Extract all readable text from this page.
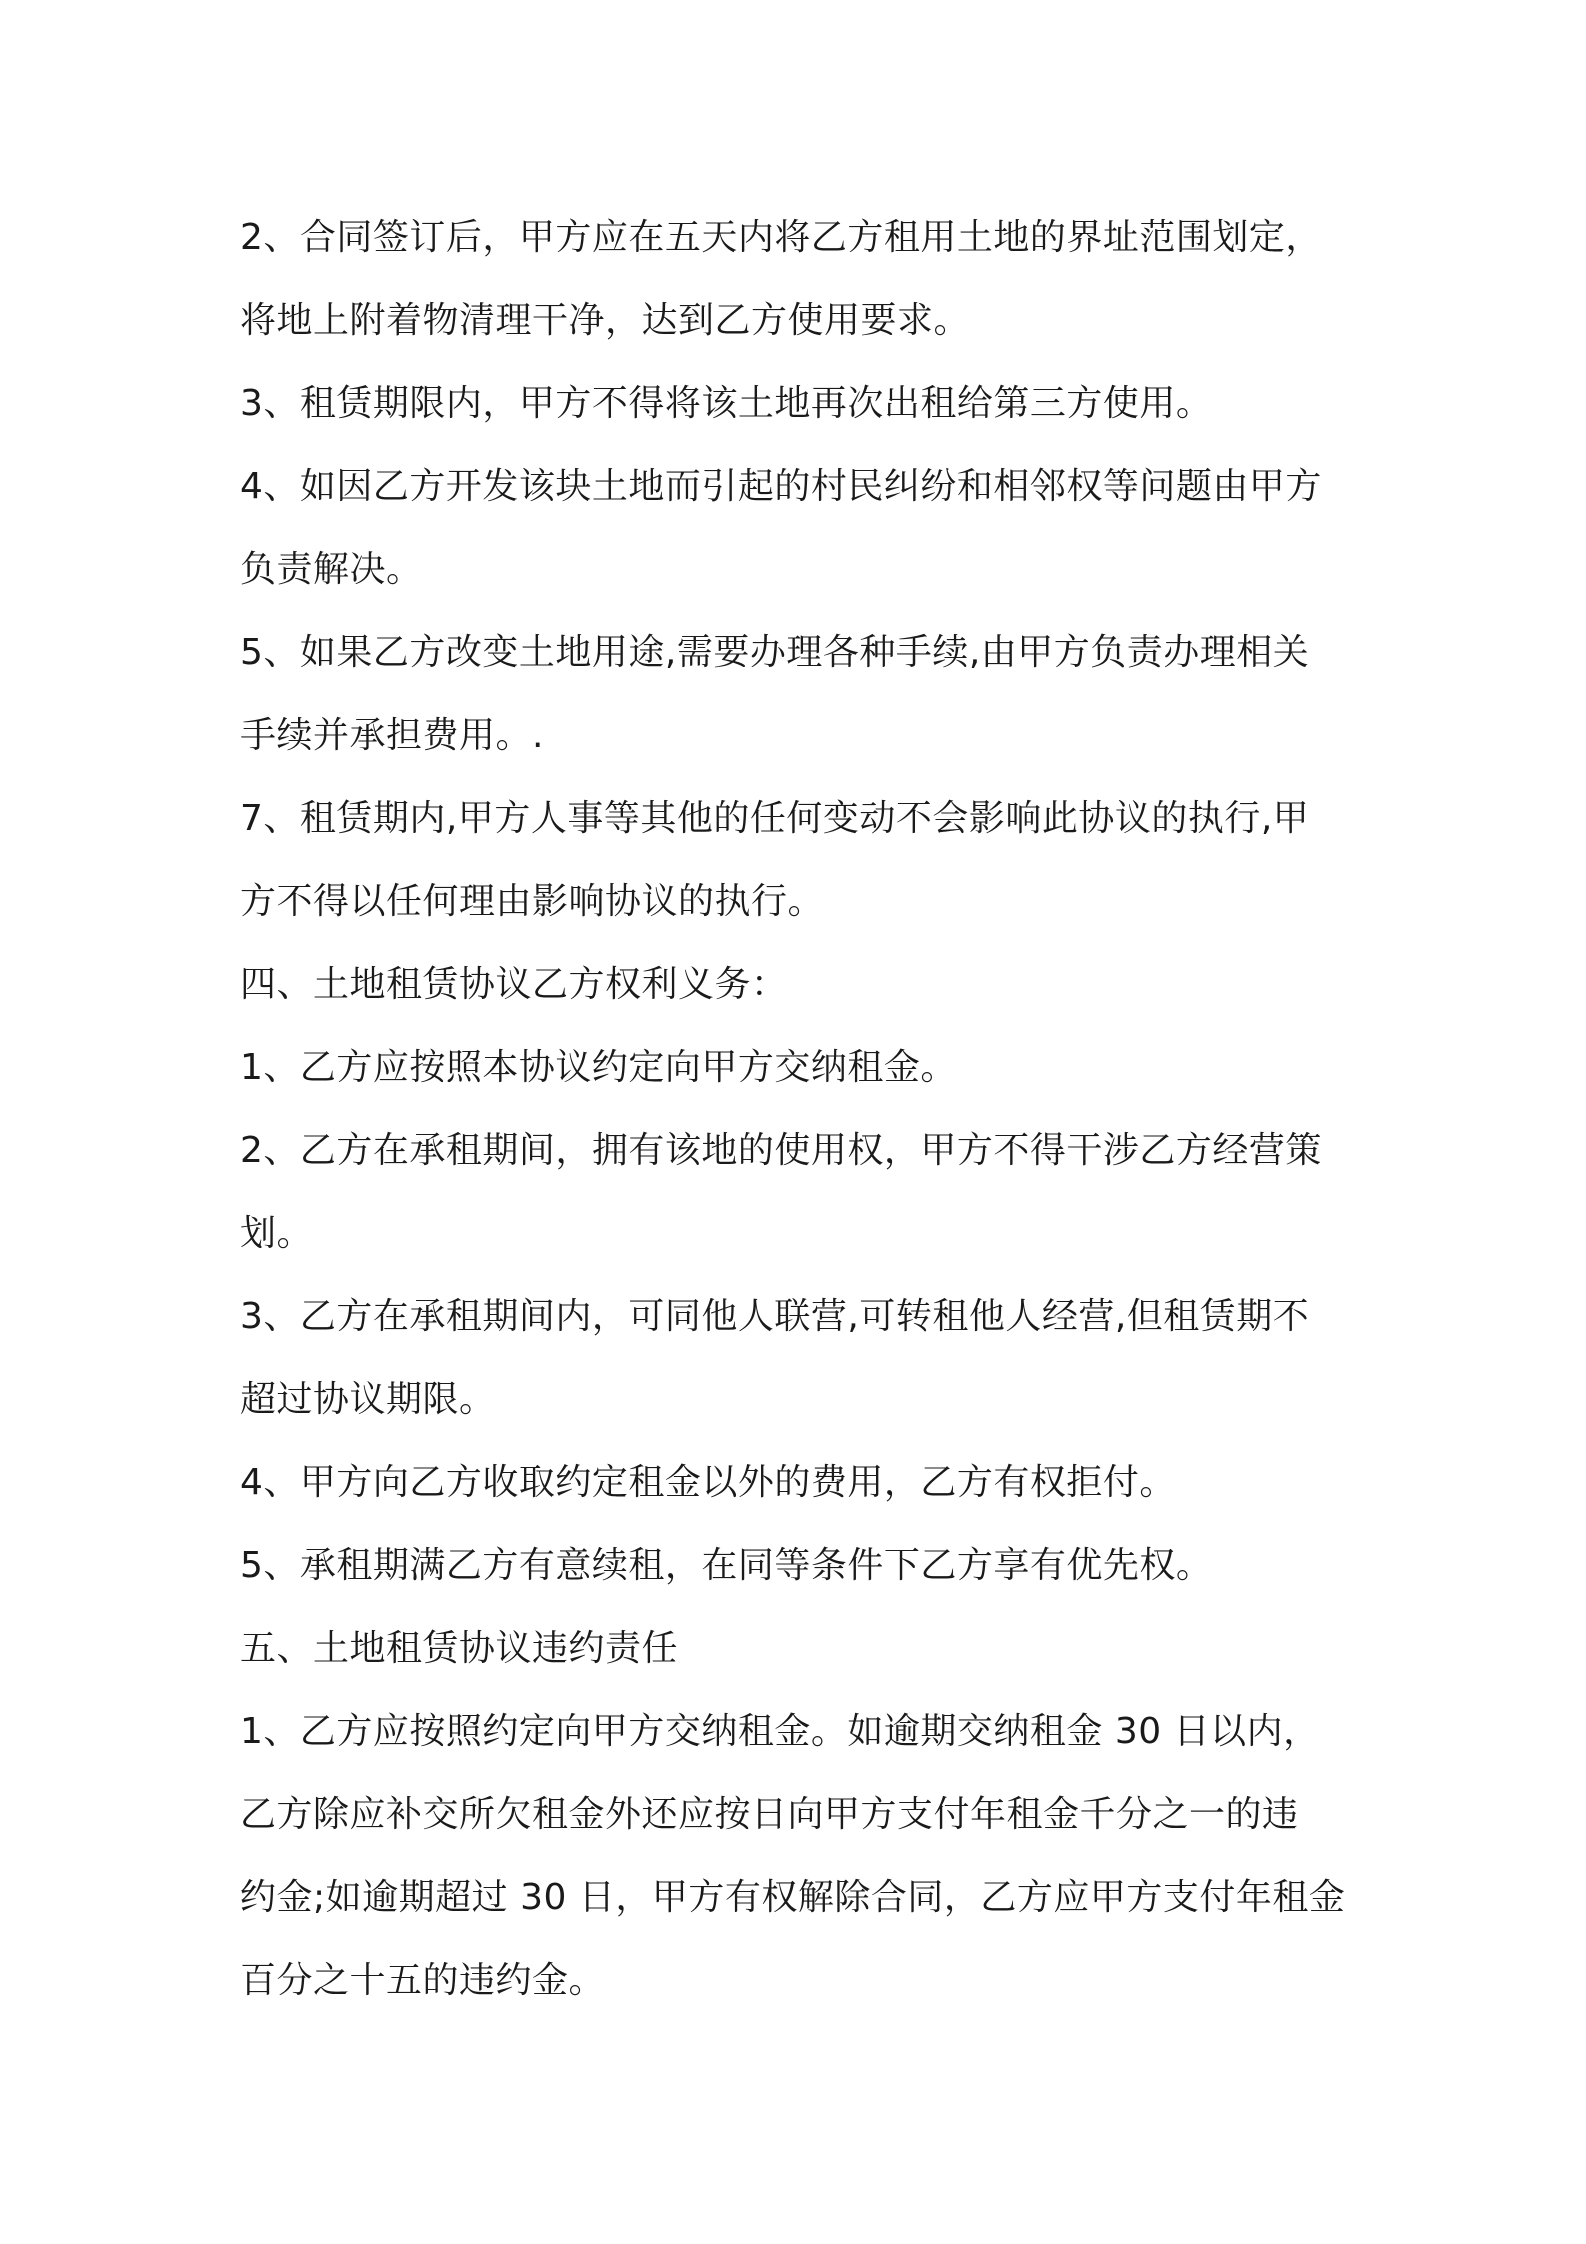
2、合同签订后，甲方应在五天内将乙方租用土地的界址范围划定，
将地上附着物清理干净，达到乙方使用要求。
3、租赁期限内，甲方不得将该土地再次出租给第三方使用。
4、如因乙方开发该块土地而引起的村民纠纷和相邻权等问题由甲方
负责解决。
5、如果乙方改变土地用途,需要办理各种手续,由甲方负责办理相关
手续并承担费用。.
7、租赁期内,甲方人事等其他的任何变动不会影响此协议的执行,甲
方不得以任何理由影响协议的执行。
四、土地租赁协议乙方权利义务：
1、乙方应按照本协议约定向甲方交纳租金。
2、乙方在承租期间，拥有该地的使用权，甲方不得干涉乙方经营策
划。
3、乙方在承租期间内，可同他人联营,可转租他人经营,但租赁期不
超过协议期限。
4、甲方向乙方收取约定租金以外的费用，乙方有权拒付。
5、承租期满乙方有意续租，在同等条件下乙方享有优先权。
五、土地租赁协议违约责任
1、乙方应按照约定向甲方交纳租金。如逾期交纳租金 30 日以内，
乙方除应补交所欠租金外还应按日向甲方支付年租金千分之一的违
约金;如逾期超过 30 日，甲方有权解除合同，乙方应甲方支付年租金
百分之十五的违约金。
